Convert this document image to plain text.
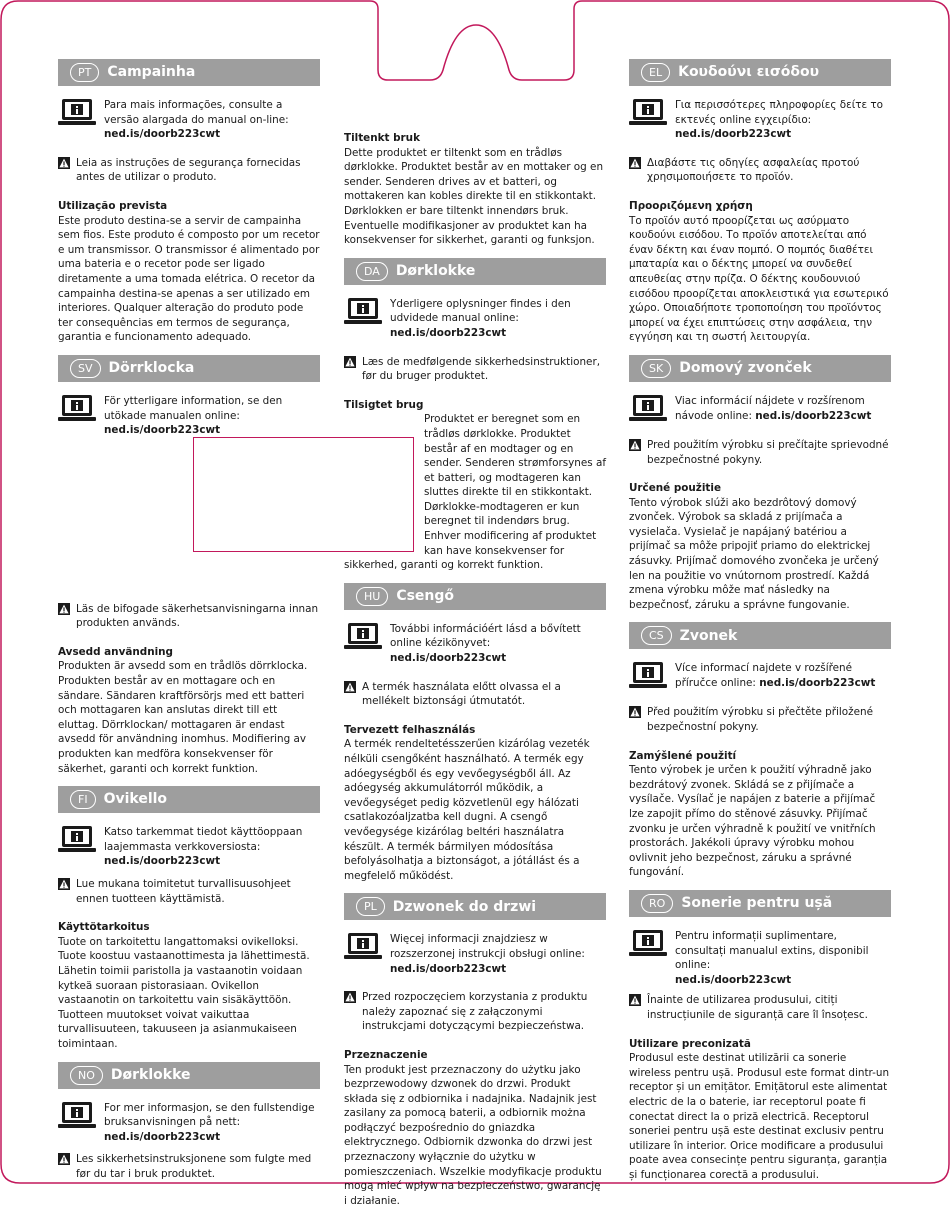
PT	Campainha
Para mais informações, consulte a versão alargada do manual on-line:
ned.is/doorb223cwt
Leia as instruções de segurança fornecidas antes de utilizar o produto.
Utilização prevista
Este produto destina-se a servir de campainha sem fios. Este produto é composto por um recetor e um transmissor. O transmissor é alimentado por uma bateria e o recetor pode ser ligado diretamente a uma tomada elétrica. O recetor da campainha destina-se apenas a ser utilizado em interiores. Qualquer alteração do produto pode ter consequências em termos de segurança, garantia e funcionamento adequado.
SV	Dörrklocka
För ytterligare information, se den utökade manualen online: ned.is/doorb223cwt
Läs de bifogade säkerhetsanvisningarna innan produkten används.
Avsedd användning
Produkten är avsedd som en trådlös dörrklocka. Produkten består av en mottagare och en sändare. Sändaren kraftförsörjs med ett batteri och mottagaren kan anslutas direkt till ett eluttag. Dörrklockan/ mottagaren är endast avsedd för användning inomhus. Modifiering av produkten kan medföra konsekvenser för säkerhet, garanti och korrekt funktion.
FI	Ovikello
Katso tarkemmat tiedot käyttöoppaan laajemmasta verkkoversiosta:
ned.is/doorb223cwt
Lue mukana toimitetut turvallisuusohjeet ennen tuotteen käyttämistä.
Käyttötarkoitus
Tuote on tarkoitettu langattomaksi ovikelloksi. Tuote koostuu vastaanottimesta ja lähettimestä. Lähetin toimii paristolla ja vastaanotin voidaan kytkeä suoraan pistorasiaan. Ovikellon vastaanotin on tarkoitettu vain sisäkäyttöön. Tuotteen muutokset voivat vaikuttaa turvallisuuteen, takuuseen ja asianmukaiseen toimintaan.
NO	Dørklokke
For mer informasjon, se den fullstendige bruksanvisningen på nett:
ned.is/doorb223cwt
Les sikkerhetsinstruksjonene som fulgte med før du tar i bruk produktet.
Tiltenkt bruk
Dette produktet er tiltenkt som en trådløs dørklokke. Produktet består av en mottaker og en sender. Senderen drives av et batteri, og mottakeren kan kobles direkte til en stikkontakt. Dørklokken er bare tiltenkt innendørs bruk. Eventuelle modifikasjoner av produktet kan ha konsekvenser for sikkerhet, garanti og funksjon.
DA	Dørklokke
Yderligere oplysninger findes i den udvidede manual online: ned.is/doorb223cwt
Læs de medfølgende sikkerhedsinstruktioner, før du bruger produktet.
Tilsigtet brug
Produktet er beregnet som en trådløs dørklokke. Produktet består af en modtager og en sender. Senderen strømforsynes af et batteri, og modtageren kan sluttes direkte til en stikkontakt. Dørklokke-modtageren er kun beregnet til indendørs brug. Enhver modificering af produktet kan have konsekvenser for sikkerhed, garanti og korrekt funktion.
HU	Csengő
További információért lásd a bővített online kézikönyvet: ned.is/doorb223cwt
A termék használata előtt olvassa el a mellékelt biztonsági útmutatót.
Tervezett felhasználás
A termék rendeltetésszerűen kizárólag vezeték nélküli csengőként használható. A termék egy adóegységből és egy vevőegységből áll. Az adóegység akkumulátorról működik, a vevőegységet pedig közvetlenül egy hálózati csatlakozóaljzatba kell dugni. A csengő vevőegysége kizárólag beltéri használatra készült. A termék bármilyen módosítása befolyásolhatja a biztonságot, a jótállást és a megfelelő működést.
PL	Dzwonek do drzwi
Więcej informacji znajdziesz w rozszerzonej instrukcji obsługi online: ned.is/doorb223cwt
Przed rozpoczęciem korzystania z produktu należy zapoznać się z załączonymi instrukcjami dotyczącymi bezpieczeństwa.
Przeznaczenie
Ten produkt jest przeznaczony do użytku jako bezprzewodowy dzwonek do drzwi. Produkt składa się z odbiornika i nadajnika. Nadajnik jest zasilany za pomocą baterii, a odbiornik można podłączyć bezpośrednio do gniazdka elektrycznego. Odbiornik dzwonka do drzwi jest przeznaczony wyłącznie do użytku w pomieszczeniach. Wszelkie modyfikacje produktu mogą mieć wpływ na bezpieczeństwo, gwarancję i działanie.
EL	Κουδούνι εισόδου
Για περισσότερες πληροφορίες δείτε το εκτενές online εγχειρίδιο:
ned.is/doorb223cwt
Διαβάστε τις οδηγίες ασφαλείας προτού χρησιμοποιήσετε το προϊόν.
Προοριζόμενη χρήση
Το προϊόν αυτό προορίζεται ως ασύρματο κουδούνι εισόδου. Το προϊόν αποτελείται από έναν δέκτη και έναν πομπό. Ο πομπός διαθέτει μπαταρία και ο δέκτης μπορεί να συνδεθεί απευθείας στην πρίζα. Ο δέκτης κουδουνιού εισόδου προορίζεται αποκλειστικά για εσωτερικό χώρο. Οποιαδήποτε τροποποίηση του προϊόντος μπορεί να έχει επιπτώσεις στην ασφάλεια, την εγγύηση και τη σωστή λειτουργία.
SK	Domový zvonček
Viac informácií nájdete v rozšírenom návode online: ned.is/doorb223cwt
Pred použitím výrobku si prečítajte sprievodné bezpečnostné pokyny.
Určené použitie
Tento výrobok slúži ako bezdrôtový domový zvonček. Výrobok sa skladá z prijímača a vysielača. Vysielač je napájaný batériou a prijímač sa môže pripojiť priamo do elektrickej zásuvky. Prijímač domového zvončeka je určený len na použitie vo vnútornom prostredí. Každá zmena výrobku môže mať následky na bezpečnosť, záruku a správne fungovanie.
CS	Zvonek
Více informací najdete v rozšířené příručce online: ned.is/doorb223cwt
Před použitím výrobku si přečtěte přiložené bezpečnostní pokyny.
Zamýšlené použití
Tento výrobek je určen k použití výhradně jako bezdrátový zvonek. Skládá se z přijímače a vysílače. Vysílač je napájen z baterie a přijímač lze zapojit přímo do stěnové zásuvky. Přijímač zvonku je určen výhradně k použití ve vnitřních prostorách. Jakékoli úpravy výrobku mohou ovlivnit jeho bezpečnost, záruku a správné fungování.
RO	Sonerie pentru ușă
Pentru informații suplimentare, consultați manualul extins, disponibil online:
ned.is/doorb223cwt
Înainte de utilizarea produsului, citiți instrucțiunile de siguranță care îl însoțesc.
Utilizare preconizată
Produsul este destinat utilizării ca sonerie wireless pentru ușă. Produsul este format dintr-un receptor și un emițător. Emițătorul este alimentat electric de la o baterie, iar receptorul poate fi conectat direct la o priză electrică. Receptorul soneriei pentru ușă este destinat exclusiv pentru utilizare în interior. Orice modificare a produsului poate avea consecințe pentru siguranța, garanția și funcționarea corectă a produsului.
